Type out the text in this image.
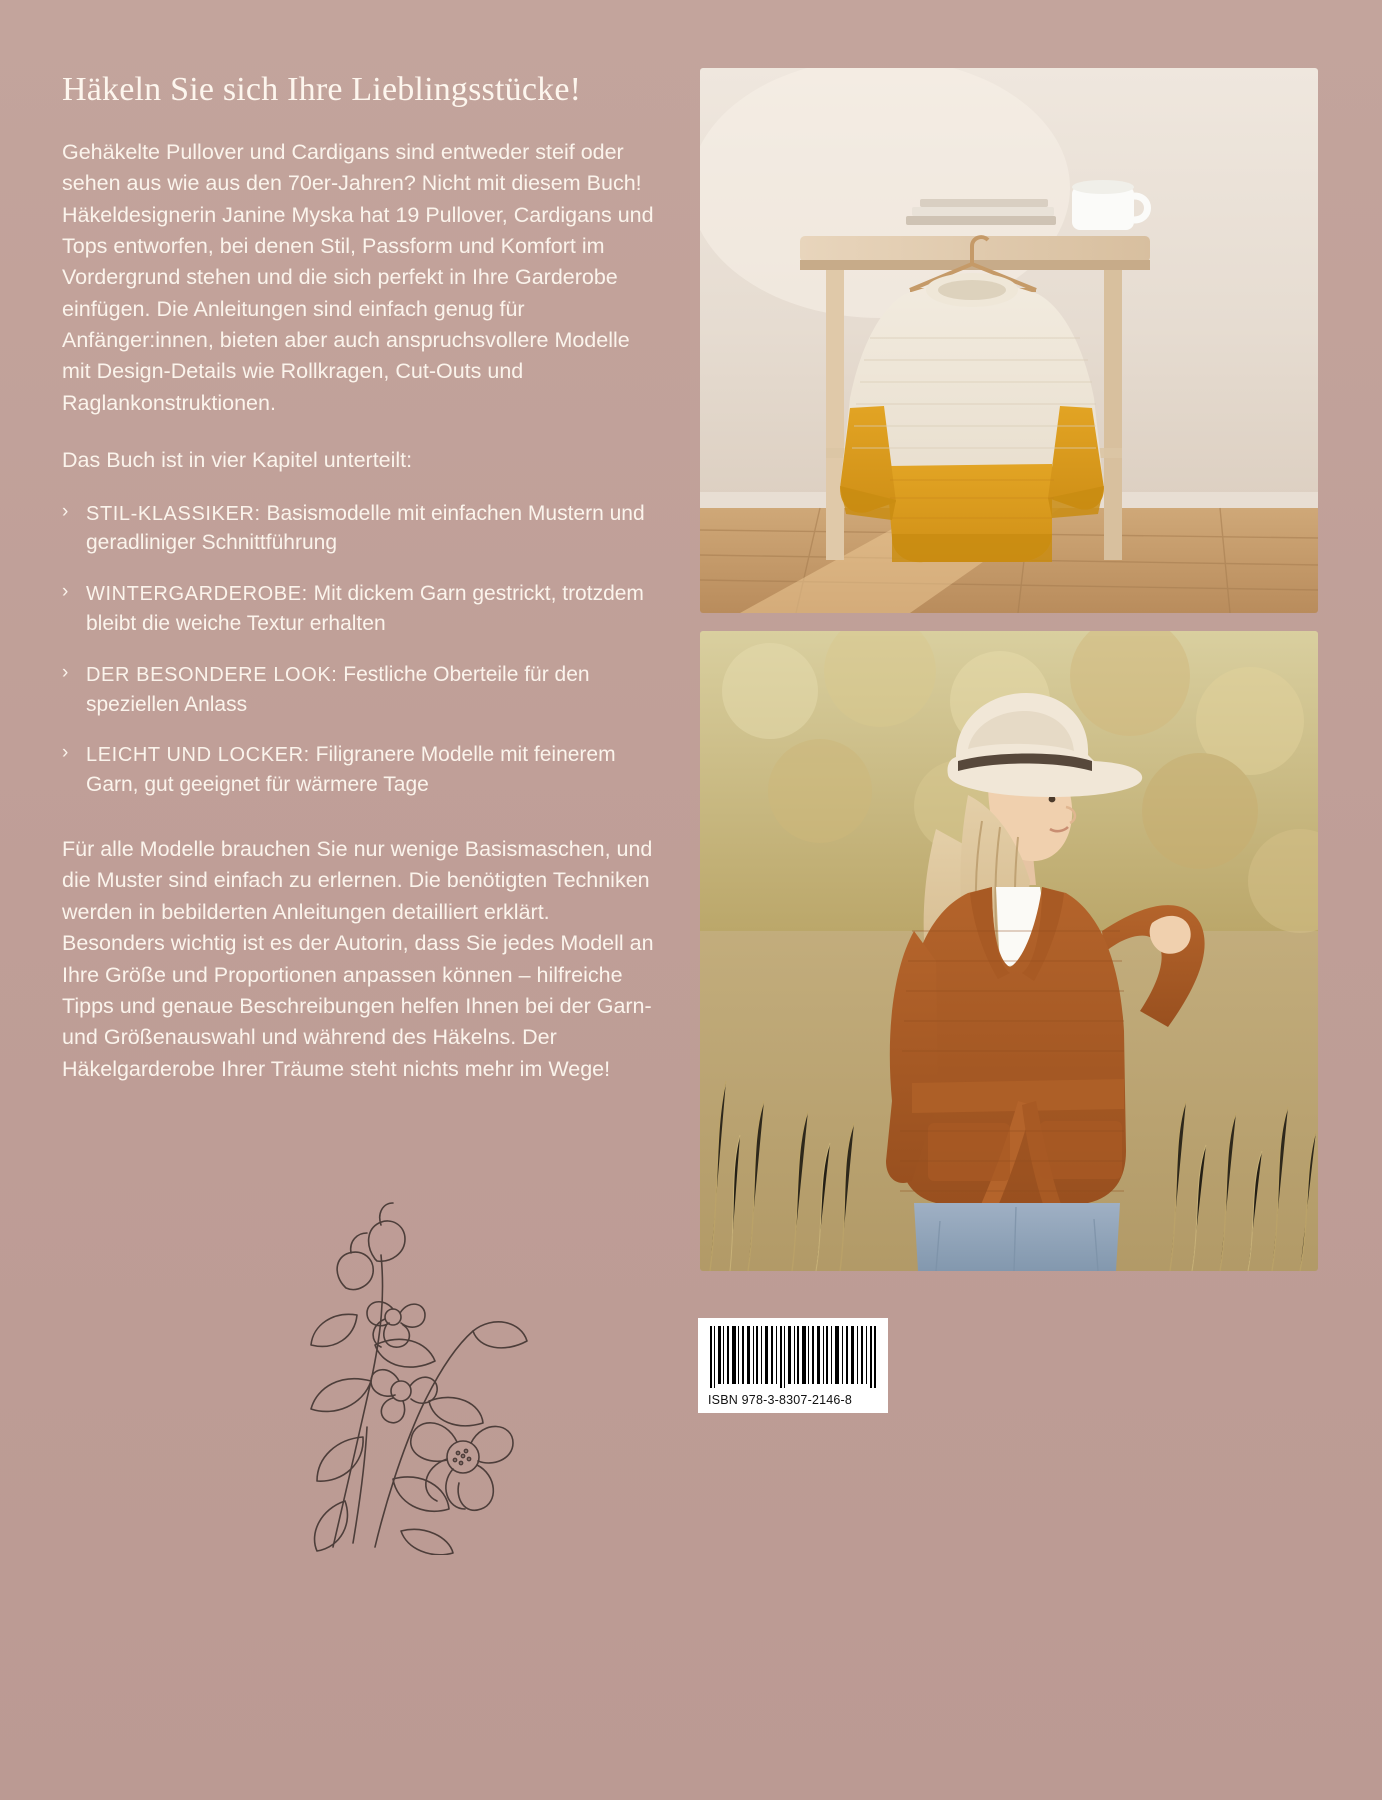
Häkeln Sie sich Ihre Lieblingsstücke!

Gehäkelte Pullover und Cardigans sind entweder steif oder sehen aus wie aus den 70er-Jahren? Nicht mit diesem Buch! Häkeldesignerin Janine Myska hat 19 Pullover, Cardigans und Tops entworfen, bei denen Stil, Passform und Komfort im Vordergrund stehen und die sich perfekt in Ihre Garderobe einfügen. Die Anleitungen sind einfach genug für Anfänger:innen, bieten aber auch anspruchsvollere Modelle mit Design-Details wie Rollkragen, Cut-Outs und Raglankonstruktionen.

Das Buch ist in vier Kapitel unterteilt:

› STIL-KLASSIKER: Basismodelle mit einfachen Mustern und geradliniger Schnittführung
› WINTERGARDEROBE: Mit dickem Garn gestrickt, trotzdem bleibt die weiche Textur erhalten
› DER BESONDERE LOOK: Festliche Oberteile für den speziellen Anlass
› LEICHT UND LOCKER: Filigranere Modelle mit feinerem Garn, gut geeignet für wärmere Tage

Für alle Modelle brauchen Sie nur wenige Basismaschen, und die Muster sind einfach zu erlernen. Die benötigten Techniken werden in bebilderten Anleitungen detailliert erklärt. Besonders wichtig ist es der Autorin, dass Sie jedes Modell an Ihre Größe und Proportionen anpassen können – hilfreiche Tipps und genaue Beschreibungen helfen Ihnen bei der Garn- und Größenauswahl und während des Häkelns. Der Häkelgarderobe Ihrer Träume steht nichts mehr im Wege!

ISBN 978-3-8307-2146-8
